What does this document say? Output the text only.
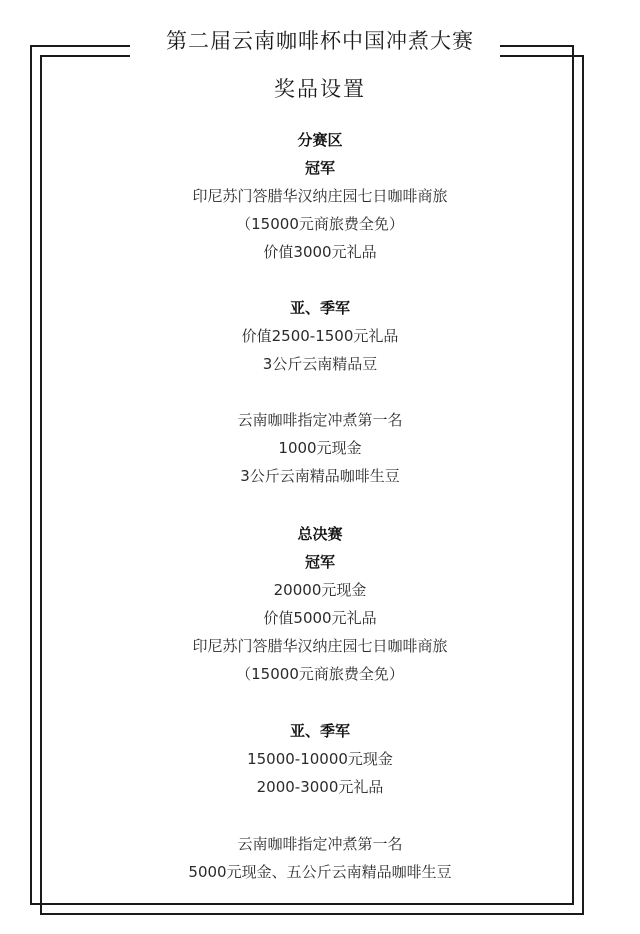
第二届云南咖啡杯中国冲煮大赛
奖品设置
分赛区
冠军
印尼苏门答腊华汉纳庄园七日咖啡商旅
（15000元商旅费全免）
价值3000元礼品
亚、季军
价值2500-1500元礼品
3公斤云南精品豆
云南咖啡指定冲煮第一名
1000元现金
3公斤云南精品咖啡生豆
总决赛
冠军
20000元现金
价值5000元礼品
印尼苏门答腊华汉纳庄园七日咖啡商旅
（15000元商旅费全免）
亚、季军
15000-10000元现金
2000-3000元礼品
云南咖啡指定冲煮第一名
5000元现金、五公斤云南精品咖啡生豆
